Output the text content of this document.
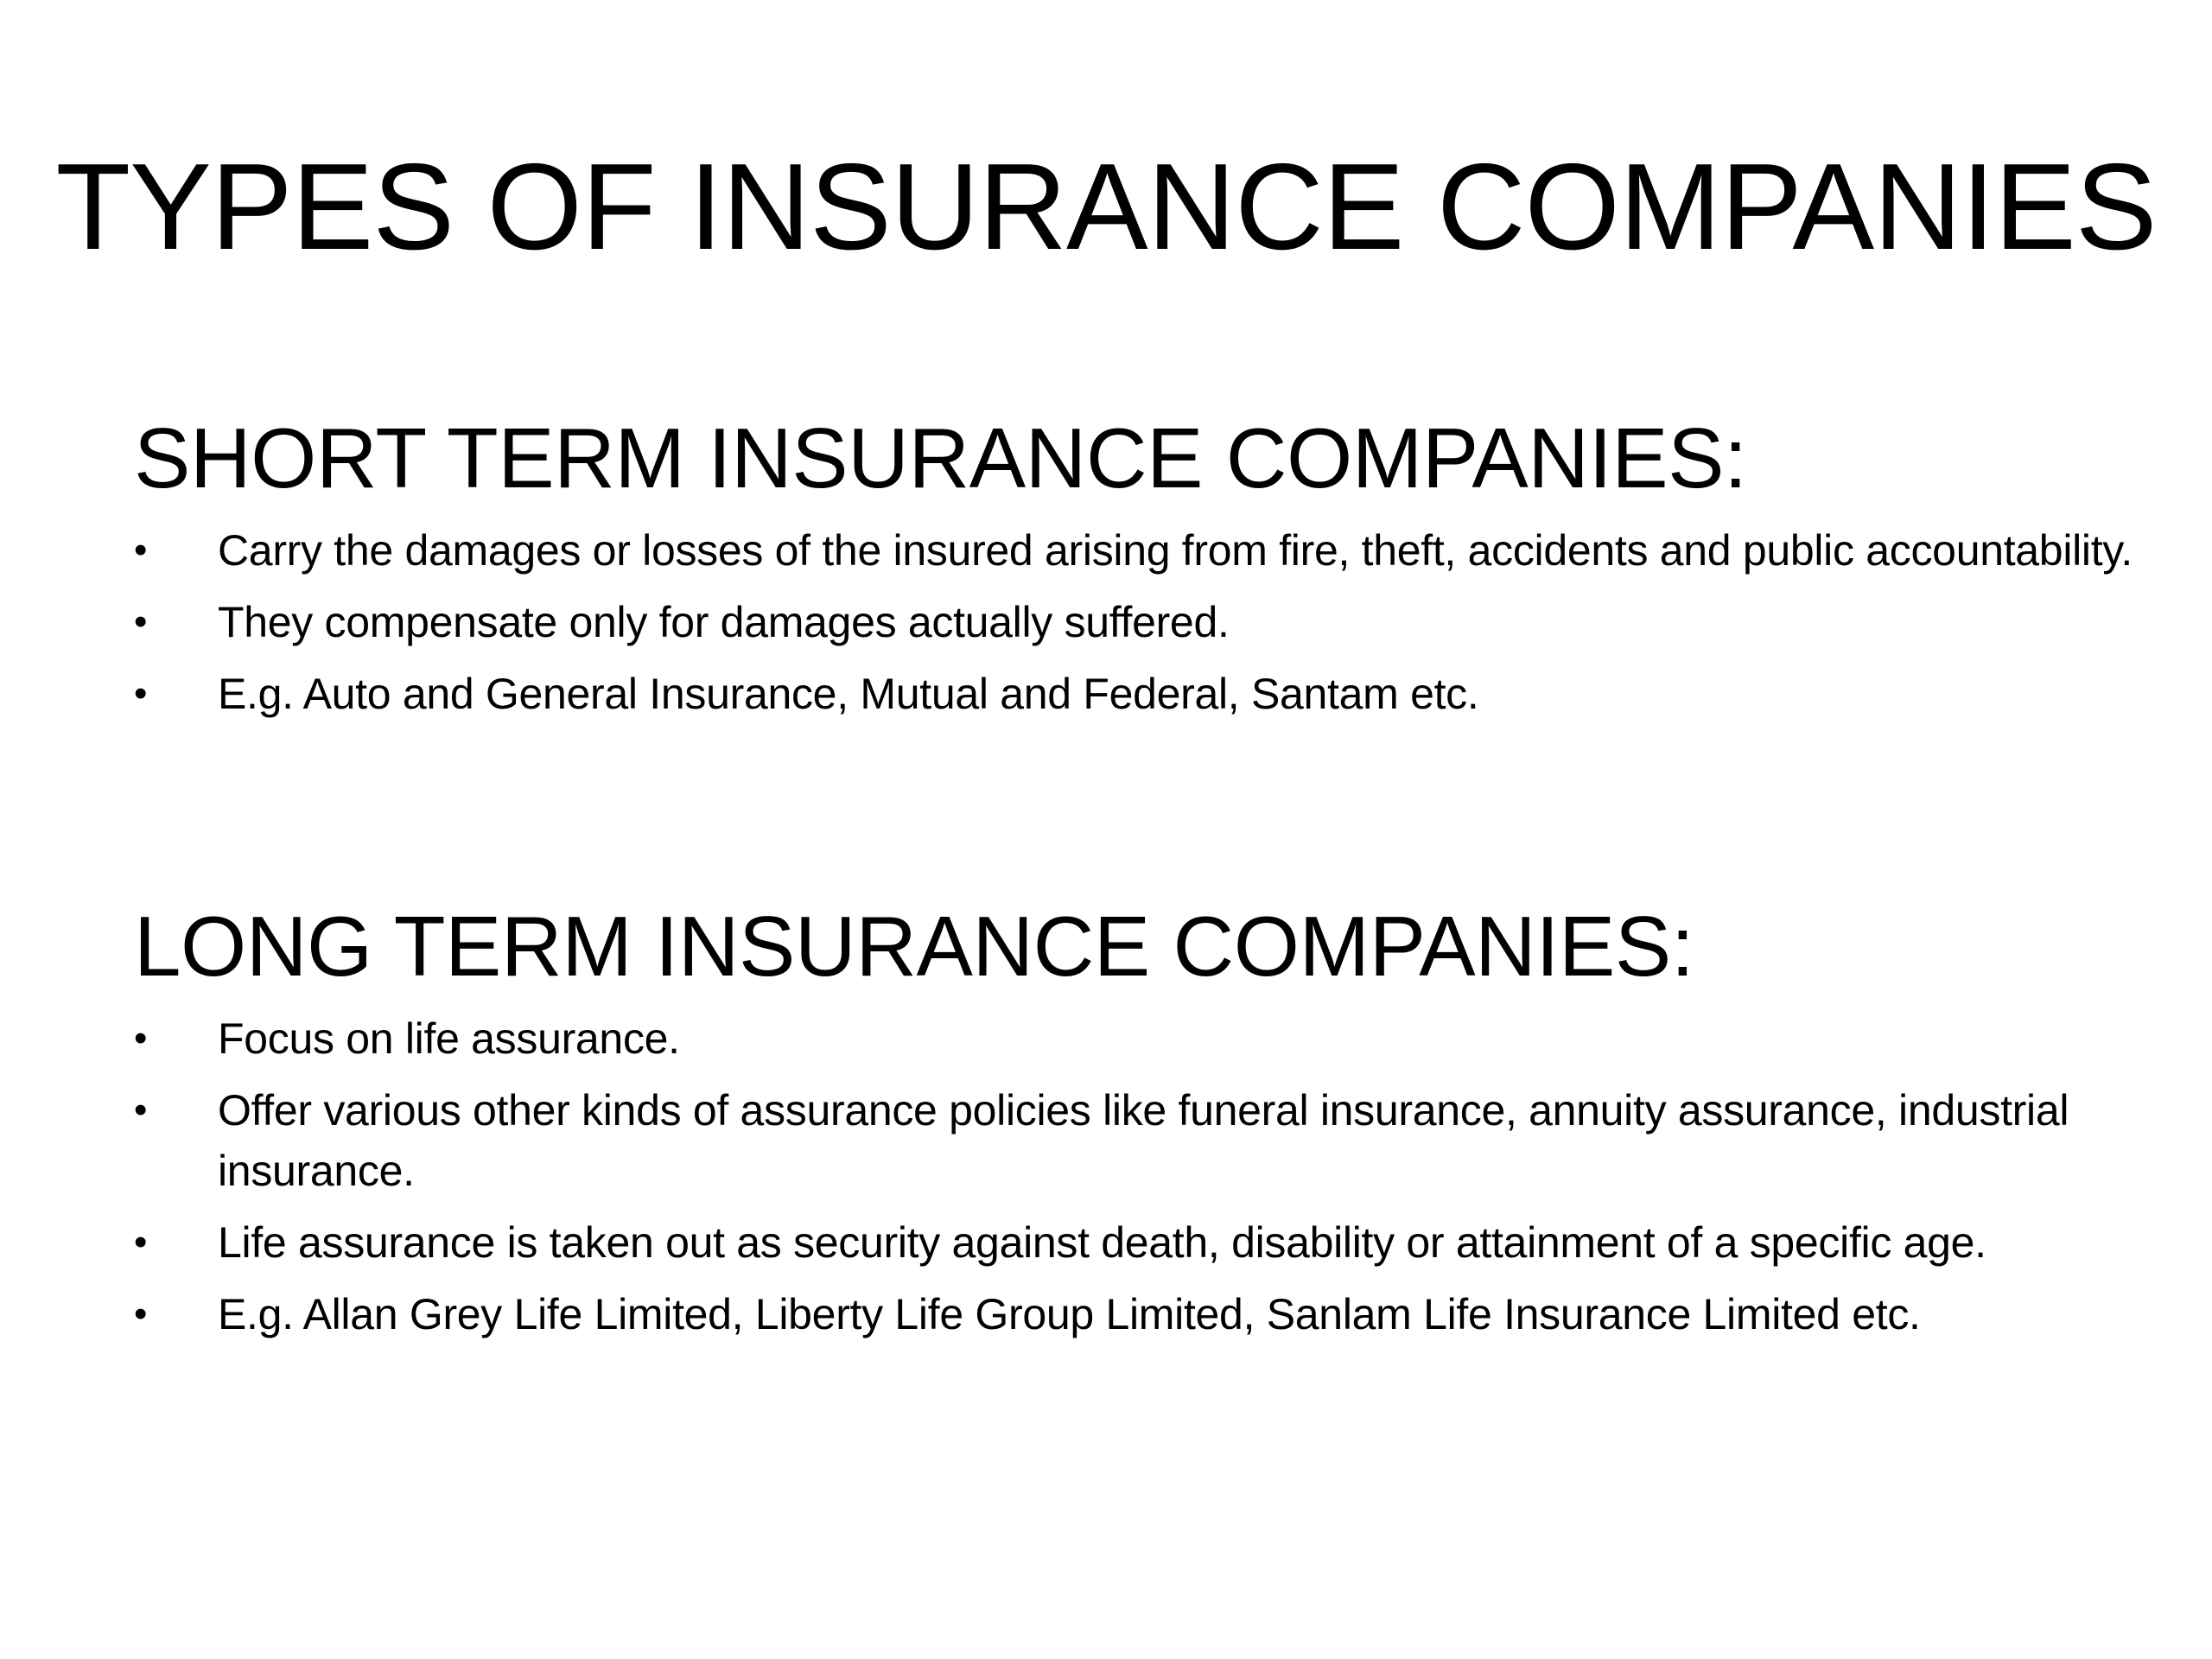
TYPES OF INSURANCE COMPANIES
SHORT TERM INSURANCE COMPANIES:
•	Carry the damages or losses of the insured arising from fire, theft, accidents and public accountability.
•	They compensate only for damages actually suffered.
•	E.g. Auto and General Insurance, Mutual and Federal, Santam etc.
LONG TERM INSURANCE COMPANIES:
•	Focus on life assurance.
•	Offer various other kinds of assurance policies like funeral insurance, annuity assurance, industrial insurance.
•	Life assurance is taken out as security against death, disability or attainment of a specific age.
•	E.g. Allan Grey Life Limited, Liberty Life Group Limited, Sanlam Life Insurance Limited etc.
